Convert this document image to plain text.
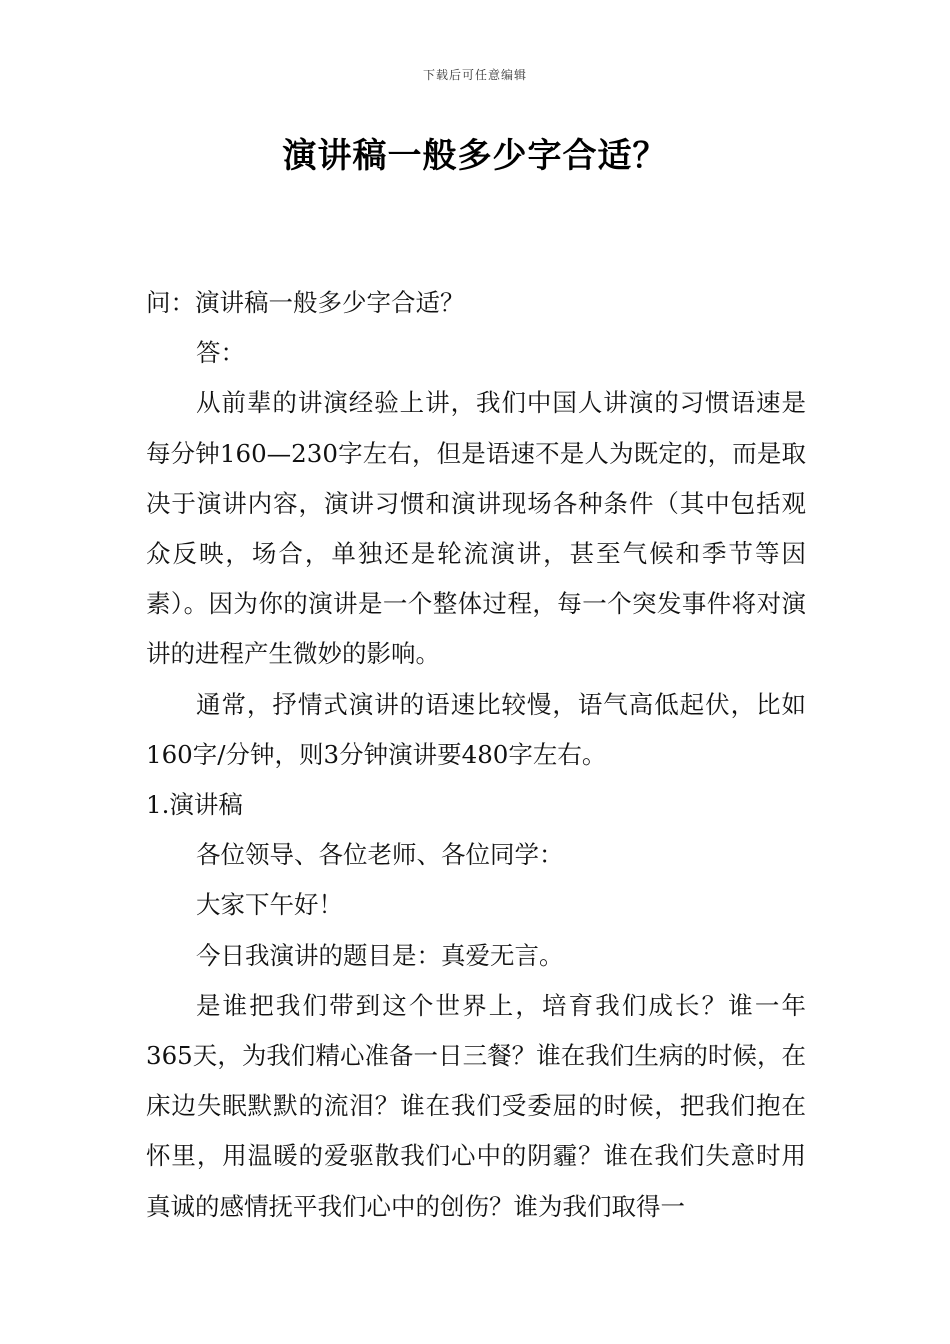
下载后可任意编辑
演讲稿一般多少字合适？

问：演讲稿一般多少字合适？

答：

从前辈的讲演经验上讲，我们中国人讲演的习惯语速是每分钟160—230字左右，但是语速不是人为既定的，而是取决于演讲内容，演讲习惯和演讲现场各种条件（其中包括观众反映，场合，单独还是轮流演讲，甚至气候和季节等因素）。因为你的演讲是一个整体过程，每一个突发事件将对演讲的进程产生微妙的影响。

通常，抒情式演讲的语速比较慢，语气高低起伏，比如160字/分钟，则3分钟演讲要480字左右。

1.演讲稿

各位领导、各位老师、各位同学：

大家下午好！

今日我演讲的题目是：真爱无言。

是谁把我们带到这个世界上，培育我们成长？谁一年365天，为我们精心准备一日三餐？谁在我们生病的时候，在床边失眠默默的流泪？谁在我们受委屈的时候，把我们抱在怀里，用温暖的爱驱散我们心中的阴霾？谁在我们失意时用真诚的感情抚平我们心中的创伤？谁为我们取得一
